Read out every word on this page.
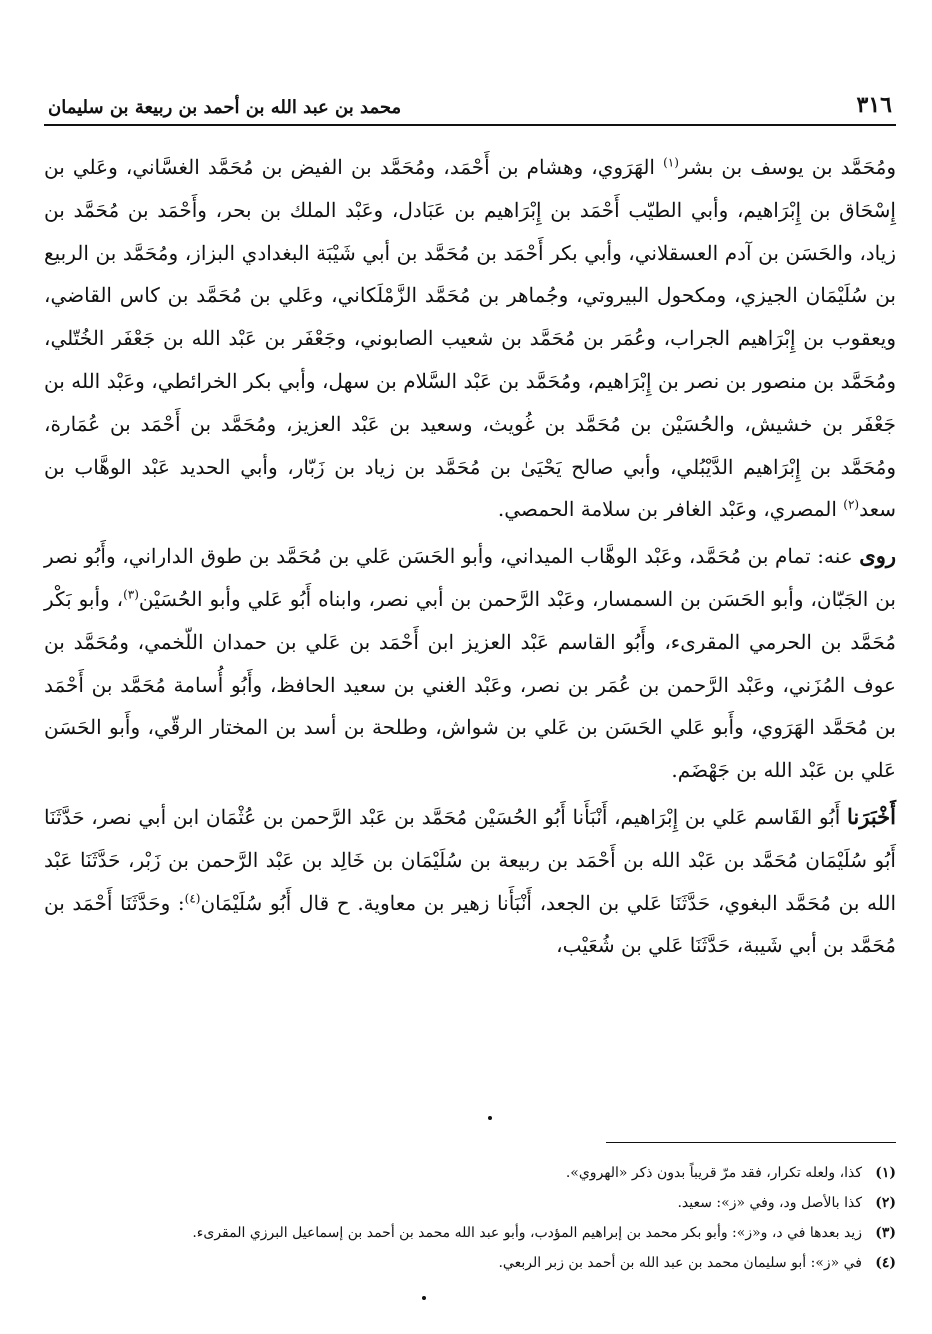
٣١٦
محمد بن عبد الله بن أحمد بن ربيعة بن سليمان

ومُحَمَّد بن يوسف بن بشر$^{(١)}$ الهَرَوي، وهشام بن أَحْمَد، ومُحَمَّد بن الفيض بن مُحَمَّد الغسَّاني، وعَلي بن إِسْحَاق بن إِبْرَاهيم، وأبي الطيّب أَحْمَد بن إِبْرَاهيم بن عَبَادل، وعَبْد الملك بن بحر، وأَحْمَد بن مُحَمَّد بن زياد، والحَسَن بن آدم العسقلاني، وأبي بكر أَحْمَد بن مُحَمَّد بن أبي شَيْبَة البغدادي البزاز، ومُحَمَّد بن الربيع بن سُلَيْمَان الجيزي، ومكحول البيروتي، وجُماهر بن مُحَمَّد الزَّمْلَكاني، وعَلي بن مُحَمَّد بن كاس القاضي، ويعقوب بن إِبْرَاهيم الجراب، وعُمَر بن مُحَمَّد بن شعيب الصابوني، وجَعْفَر بن عَبْد الله بن جَعْفَر الخُتّلي، ومُحَمَّد بن منصور بن نصر بن إِبْرَاهيم، ومُحَمَّد بن عَبْد السَّلام بن سهل، وأبي بكر الخرائطي، وعَبْد الله بن جَعْفَر بن خشيش، والحُسَيْن بن مُحَمَّد بن غُويث، وسعيد بن عَبْد العزيز، ومُحَمَّد بن أَحْمَد بن عُمَارة، ومُحَمَّد بن إِبْرَاهيم الدَّيْبُلي، وأبي صالح يَحْيَىٰ بن مُحَمَّد بن زياد بن زَبّار، وأبي الحديد عَبْد الوهَّاب بن سعد$^{(٢)}$ المصري، وعَبْد الغافر بن سلامة الحمصي.

روى عنه: تمام بن مُحَمَّد، وعَبْد الوهَّاب الميداني، وأبو الحَسَن عَلي بن مُحَمَّد بن طوق الداراني، وأَبُو نصر بن الجَبّان، وأبو الحَسَن بن السمسار، وعَبْد الرَّحمن بن أبي نصر، وابناه أَبُو عَلي وأبو الحُسَيْن$^{(٣)}$، وأبو بَكْر مُحَمَّد بن الحرمي المقرىء، وأَبُو القاسم عَبْد العزيز ابن أَحْمَد بن عَلي بن حمدان اللّخمي، ومُحَمَّد بن عوف المُزَني، وعَبْد الرَّحمن بن عُمَر بن نصر، وعَبْد الغني بن سعيد الحافظ، وأَبُو أُسامة مُحَمَّد بن أَحْمَد بن مُحَمَّد الهَرَوي، وأَبو عَلي الحَسَن بن عَلي بن شواش، وطلحة بن أسد بن المختار الرقّي، وأَبو الحَسَن عَلي بن عَبْد الله بن جَهْضَم.

أَخْبَرَنا أَبُو القَاسم عَلي بن إِبْرَاهيم، أَنْبَأَنا أَبُو الحُسَيْن مُحَمَّد بن عَبْد الرَّحمن بن عُثْمَان ابن أبي نصر، حَدَّثَنَا أَبُو سُلَيْمَان مُحَمَّد بن عَبْد الله بن أَحْمَد بن ربيعة بن سُلَيْمَان بن خَالِد بن عَبْد الرَّحمن بن زَبْر، حَدَّثَنَا عَبْد الله بن مُحَمَّد البغوي، حَدَّثَنَا عَلي بن الجعد، أَنْبَأَنا زهير بن معاوية. ح قال أَبُو سُلَيْمَان$^{(٤)}$: وحَدَّثَنَا أَحْمَد بن مُحَمَّد بن أبي شَيبة، حَدَّثَنَا عَلي بن شُعَيْب،

(١)
كذا، ولعله تكرار، فقد مرّ قريباً بدون ذكر «الهروي».
(٢)
كذا بالأصل ود، وفي «ز»: سعيد.
(٣)
زيد بعدها في د، و«ز»: وأبو بكر محمد بن إبراهيم المؤدب، وأبو عبد الله محمد بن أحمد بن إسماعيل البرزي المقرىء.
(٤)
في «ز»: أبو سليمان محمد بن عبد الله بن أحمد بن زبر الربعي.
